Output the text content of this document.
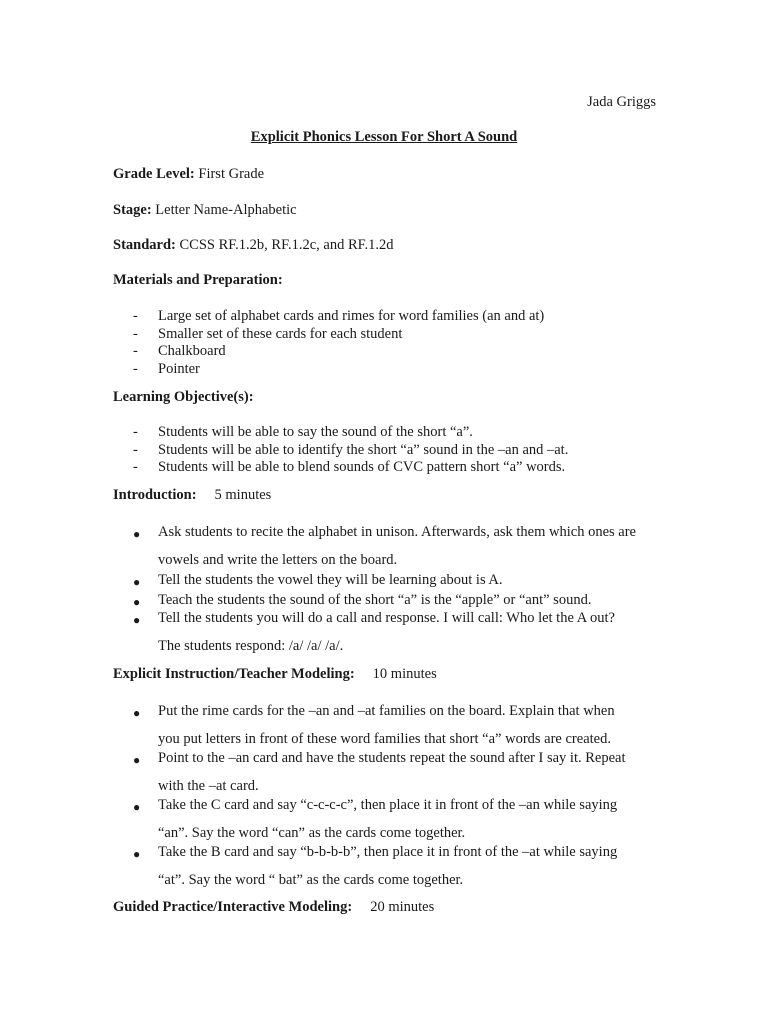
Jada Griggs
Explicit Phonics Lesson For Short A Sound
Grade Level: First Grade
Stage: Letter Name-Alphabetic
Standard: CCSS RF.1.2b, RF.1.2c, and RF.1.2d
Materials and Preparation:
-	Large set of alphabet cards and rimes for word families (an and at)
-	Smaller set of these cards for each student
-	Chalkboard
-	Pointer
Learning Objective(s):
-	Students will be able to say the sound of the short “a”.
-	Students will be able to identify the short “a” sound in the –an and –at.
-	Students will be able to blend sounds of CVC pattern short “a” words.
Introduction: 5 minutes
●	Ask students to recite the alphabet in unison. Afterwards, ask them which ones are
vowels and write the letters on the board.
●	Tell the students the vowel they will be learning about is A.
●	Teach the students the sound of the short “a” is the “apple” or “ant” sound.
●	Tell the students you will do a call and response. I will call: Who let the A out?
The students respond: /a/ /a/ /a/.
Explicit Instruction/Teacher Modeling: 10 minutes
●	Put the rime cards for the –an and –at families on the board. Explain that when
you put letters in front of these word families that short “a” words are created.
●	Point to the –an card and have the students repeat the sound after I say it. Repeat
with the –at card.
●	Take the C card and say “c-c-c-c”, then place it in front of the –an while saying
“an”. Say the word “can” as the cards come together.
●	Take the B card and say “b-b-b-b”, then place it in front of the –at while saying
“at”. Say the word “ bat” as the cards come together.
Guided Practice/Interactive Modeling: 20 minutes
